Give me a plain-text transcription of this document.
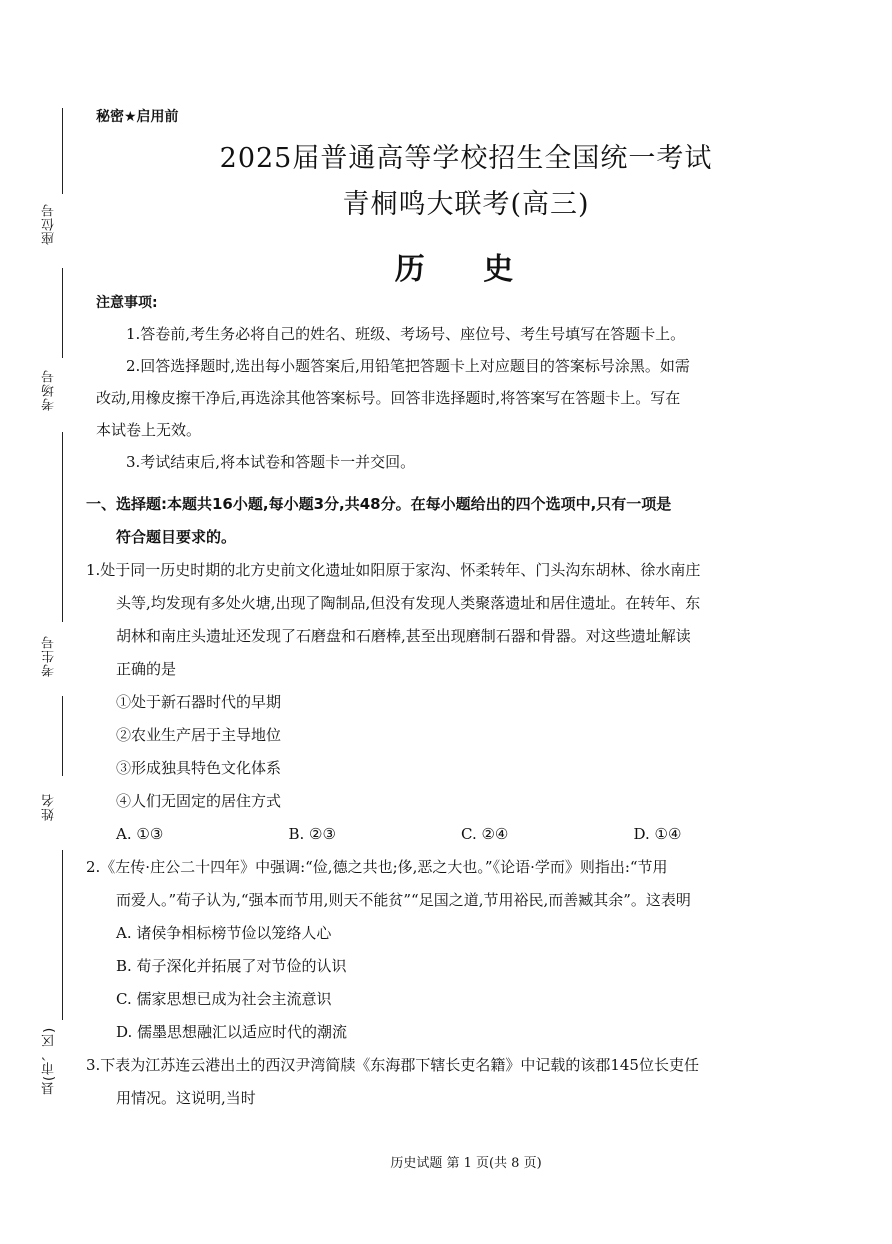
座位号
考场号
考生号
姓名
县(市、区)
秘密★启用前
2025届普通高等学校招生全国统一考试
青桐鸣大联考(高三)
历 史
注意事项:

1.答卷前,考生务必将自己的姓名、班级、考场号、座位号、考生号填写在答题卡上。

2.回答选择题时,选出每小题答案后,用铅笔把答题卡上对应题目的答案标号涂黑。如需

改动,用橡皮擦干净后,再选涂其他答案标号。回答非选择题时,将答案写在答题卡上。写在

本试卷上无效。

3.考试结束后,将本试卷和答题卡一并交回。

一、选择题:本题共16小题,每小题3分,共48分。在每小题给出的四个选项中,只有一项是
符合题目要求的。

1.处于同一历史时期的北方史前文化遗址如阳原于家沟、怀柔转年、门头沟东胡林、徐水南庄

头等,均发现有多处火塘,出现了陶制品,但没有发现人类聚落遗址和居住遗址。在转年、东

胡林和南庄头遗址还发现了石磨盘和石磨棒,甚至出现磨制石器和骨器。对这些遗址解读

正确的是

①处于新石器时代的早期

②农业生产居于主导地位

③形成独具特色文化体系

④人们无固定的居住方式

A. ①③	B. ②③	C. ②④	D. ①④

2.《左传·庄公二十四年》中强调:“俭,德之共也;侈,恶之大也。”《论语·学而》则指出:“节用

而爱人。”荀子认为,“强本而节用,则天不能贫”“足国之道,节用裕民,而善臧其余”。这表明

A. 诸侯争相标榜节俭以笼络人心

B. 荀子深化并拓展了对节俭的认识

C. 儒家思想已成为社会主流意识

D. 儒墨思想融汇以适应时代的潮流

3.下表为江苏连云港出土的西汉尹湾简牍《东海郡下辖长吏名籍》中记载的该郡145位长吏任

用情况。这说明,当时

历史试题 第 1 页(共 8 页)
